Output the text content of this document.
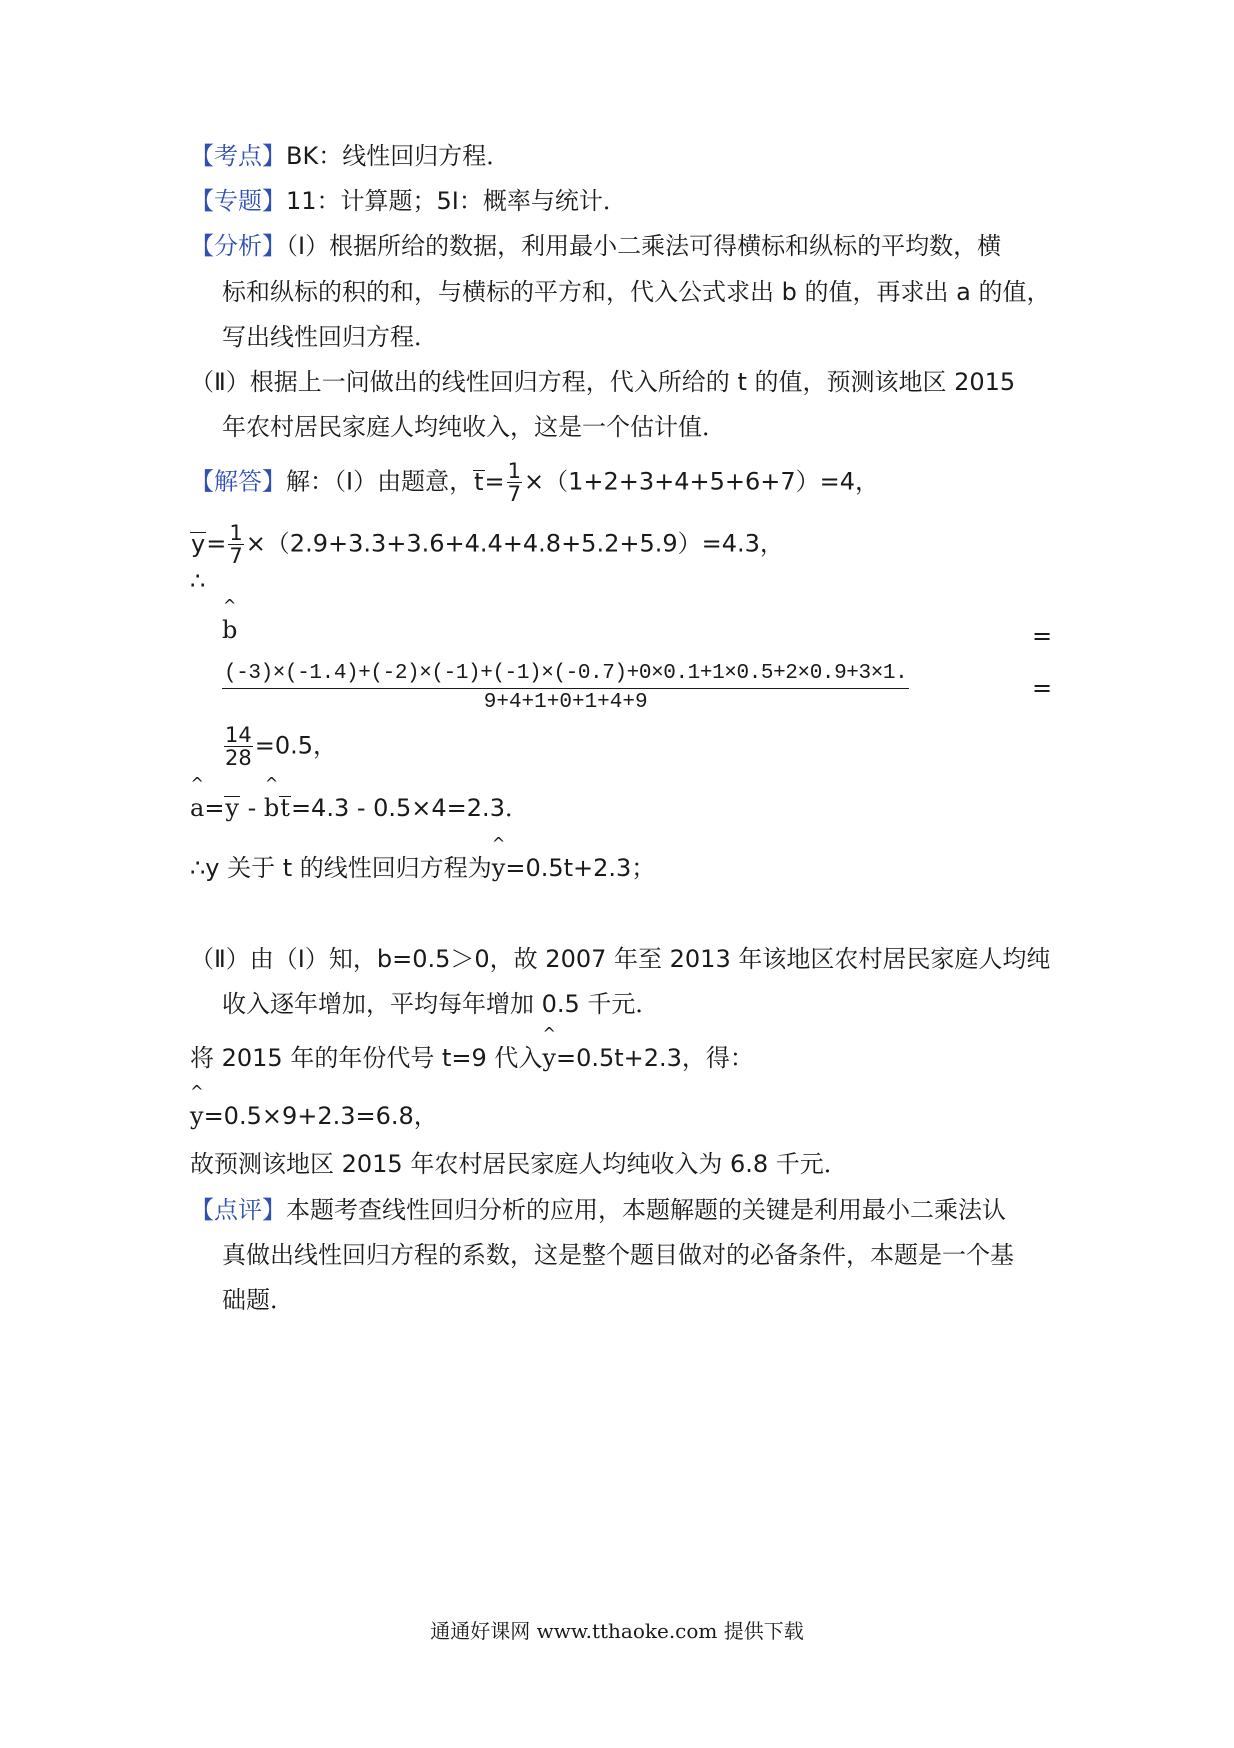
【考点】BK：线性回归方程．
【专题】11：计算题；5I：概率与统计．
【分析】（Ⅰ）根据所给的数据，利用最小二乘法可得横标和纵标的平均数，横
标和纵标的积的和，与横标的平方和，代入公式求出 b 的值，再求出 a 的值，
写出线性回归方程．
（Ⅱ）根据上一问做出的线性回归方程，代入所给的 t 的值，预测该地区 2015
年农村居民家庭人均纯收入，这是一个估计值．
【解答】解：（Ⅰ）由题意，$t= \frac{1}{7} \times(1+2+3+4+5+6+7)=4$，
$y= \frac{1}{7} \times(2.9+3.3+3.6+4.4+4.8+5.2+5.9)=4.3$，
∴
^
b	=
$\frac{(-3)\times(-1.4)+(-2)\times(-1)+(-1)\times(-0.7)+0\times 0.1+1\times 0.5+2\times 0.9+3\times 1.}{9+4+1+0+1+4+9}$	=
$\frac{14}{28} =0.5$，
^
a=y -
^
bt=4.3 - 0.5×4=2.3．
∴y 关于 t 的线性回归方程为
^
y=0.5t+2.3；
（Ⅱ）由（Ⅰ）知，b=0.5＞0，故 2007 年至 2013 年该地区农村居民家庭人均纯
收入逐年增加，平均每年增加 0.5 千元．
将 2015 年的年份代号 t=9 代入
^
y=0.5t+2.3，得：
^
y=0.5×9+2.3=6.8，
故预测该地区 2015 年农村居民家庭人均纯收入为 6.8 千元．
【点评】本题考查线性回归分析的应用，本题解题的关键是利用最小二乘法认
真做出线性回归方程的系数，这是整个题目做对的必备条件，本题是一个基
础题．
通通好课网 www.tthaoke.com 提供下载
